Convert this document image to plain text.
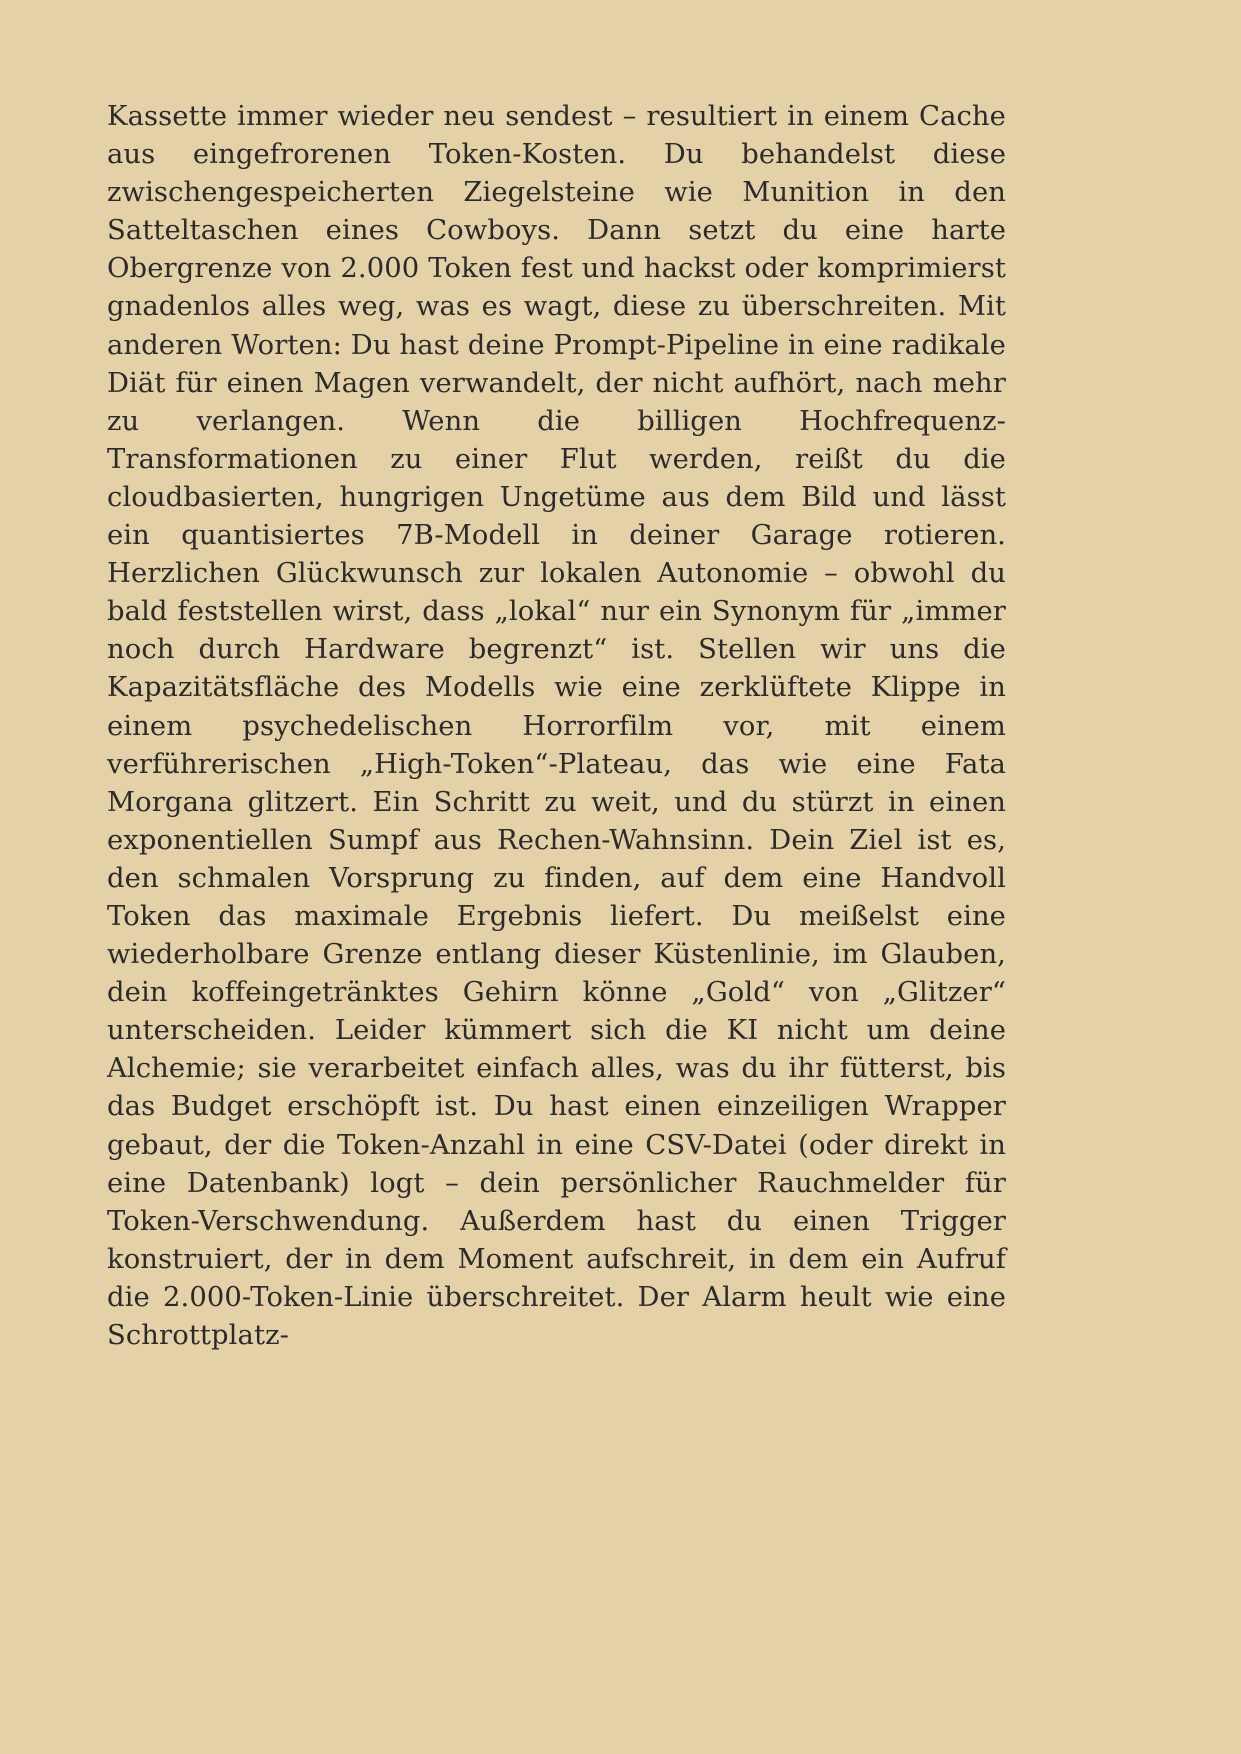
Kassette immer wieder neu sendest – resultiert in einem Cache aus eingefrorenen Token-Kosten. Du behandelst diese zwischengespeicherten Ziegelsteine wie Munition in den Satteltaschen eines Cowboys. Dann setzt du eine harte Obergrenze von 2.000 Token fest und hackst oder komprimierst gnadenlos alles weg, was es wagt, diese zu überschreiten. Mit anderen Worten: Du hast deine Prompt-Pipeline in eine radikale Diät für einen Magen verwandelt, der nicht aufhört, nach mehr zu verlangen. Wenn die billigen Hochfrequenz-Transformationen zu einer Flut werden, reißt du die cloudbasierten, hungrigen Ungetüme aus dem Bild und lässt ein quantisiertes 7B-Modell in deiner Garage rotieren. Herzlichen Glückwunsch zur lokalen Autonomie – obwohl du bald feststellen wirst, dass „lokal“ nur ein Synonym für „immer noch durch Hardware begrenzt“ ist. Stellen wir uns die Kapazitätsfläche des Modells wie eine zerklüftete Klippe in einem psychedelischen Horrorfilm vor, mit einem verführerischen „High-Token“-Plateau, das wie eine Fata Morgana glitzert. Ein Schritt zu weit, und du stürzt in einen exponentiellen Sumpf aus Rechen-Wahnsinn. Dein Ziel ist es, den schmalen Vorsprung zu finden, auf dem eine Handvoll Token das maximale Ergebnis liefert. Du meißelst eine wiederholbare Grenze entlang dieser Küstenlinie, im Glauben, dein koffeingetränktes Gehirn könne „Gold“ von „Glitzer“ unterscheiden. Leider kümmert sich die KI nicht um deine Alchemie; sie verarbeitet einfach alles, was du ihr fütterst, bis das Budget erschöpft ist. Du hast einen einzeiligen Wrapper gebaut, der die Token-Anzahl in eine CSV-Datei (oder direkt in eine Datenbank) logt – dein persönlicher Rauchmelder für Token-Verschwendung. Außerdem hast du einen Trigger konstruiert, der in dem Moment aufschreit, in dem ein Aufruf die 2.000-Token-Linie überschreitet. Der Alarm heult wie eine Schrottplatz-
